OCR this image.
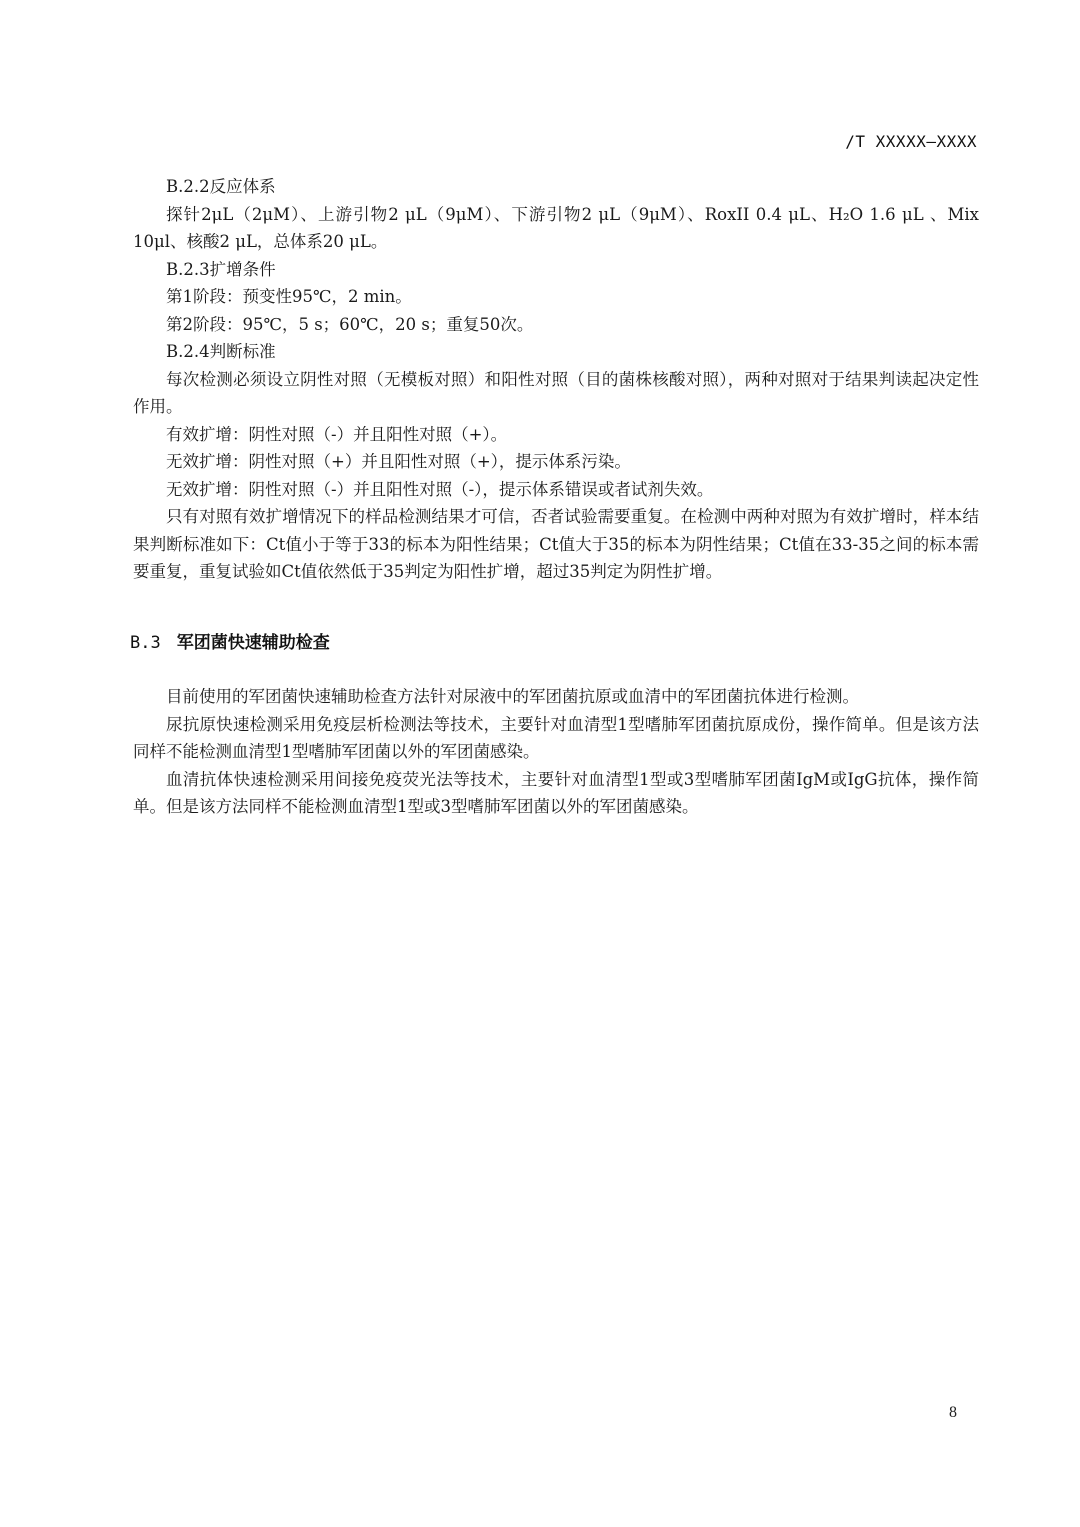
/T XXXXX—XXXX

B.2.2反应体系

探针2μL（2μM）、上游引物2 μL（9μM）、下游引物2 μL（9μM）、RoxII 0.4 μL、H₂O 1.6 μL 、Mix 10μl、核酸2 μL，总体系20 μL。

B.2.3扩增条件

第1阶段：预变性95℃，2 min。

第2阶段：95℃，5 s；60℃，20 s；重复50次。

B.2.4判断标准

每次检测必须设立阴性对照（无模板对照）和阳性对照（目的菌株核酸对照），两种对照对于结果判读起决定性作用。

有效扩增：阴性对照（-）并且阳性对照（+）。

无效扩增：阴性对照（+）并且阳性对照（+），提示体系污染。

无效扩增：阴性对照（-）并且阳性对照（-），提示体系错误或者试剂失效。

只有对照有效扩增情况下的样品检测结果才可信，否者试验需要重复。在检测中两种对照为有效扩增时，样本结果判断标准如下：Ct值小于等于33的标本为阳性结果；Ct值大于35的标本为阴性结果；Ct值在33-35之间的标本需要重复，重复试验如Ct值依然低于35判定为阳性扩增，超过35判定为阴性扩增。

B.3 军团菌快速辅助检查

目前使用的军团菌快速辅助检查方法针对尿液中的军团菌抗原或血清中的军团菌抗体进行检测。

尿抗原快速检测采用免疫层析检测法等技术，主要针对血清型1型嗜肺军团菌抗原成份，操作简单。但是该方法同样不能检测血清型1型嗜肺军团菌以外的军团菌感染。

血清抗体快速检测采用间接免疫荧光法等技术，主要针对血清型1型或3型嗜肺军团菌IgM或IgG抗体，操作简单。但是该方法同样不能检测血清型1型或3型嗜肺军团菌以外的军团菌感染。

8
